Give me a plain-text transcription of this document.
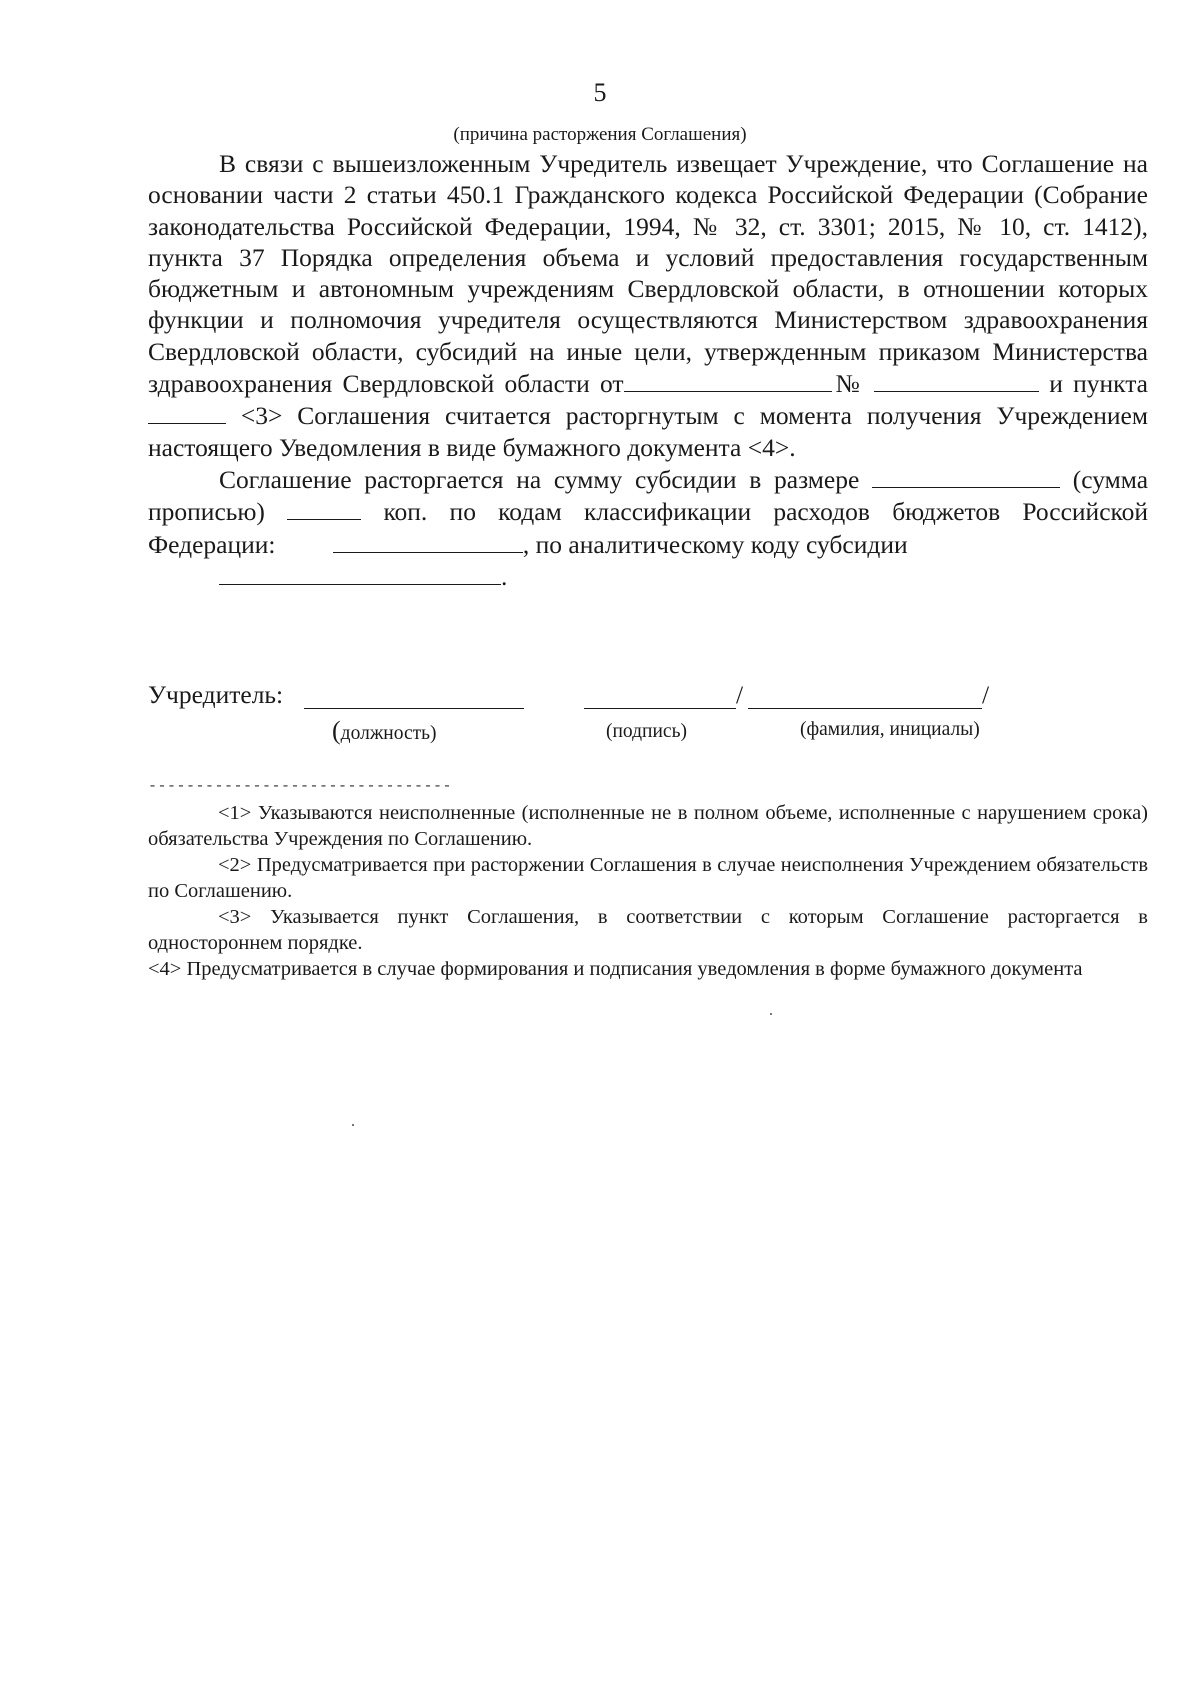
5
(причина расторжения Соглашения)

В связи с вышеизложенным Учредитель извещает Учреждение, что Соглашение на основании части 2 статьи 450.1 Гражданского кодекса Российской Федерации (Собрание законодательства Российской Федерации, 1994, № 32, ст. 3301; 2015, № 10, ст. 1412), пункта 37 Порядка определения объема и условий предоставления государственным бюджетным и автономным учреждениям Свердловской области, в отношении которых функции и полномочия учредителя осуществляются Министерством здравоохранения Свердловской области, субсидий на иные цели, утвержденным приказом Министерства здравоохранения Свердловской области от	№	и пункта  <3> Соглашения считается расторгнутым с момента получения Учреждением настоящего Уведомления в виде бумажного документа <4>.

Соглашение расторгается на сумму субсидии в размере	(сумма прописью)	коп. по кодам классификации расходов бюджетов Российской Федерации:	, по аналитическому коду субсидии

.

Учредитель:	/	/
(должность)	(подпись)	(фамилия, инициалы)
--------------------------------

<1> Указываются неисполненные (исполненные не в полном объеме, исполненные с нарушением срока) обязательства Учреждения по Соглашению.

<2> Предусматривается при расторжении Соглашения в случае неисполнения Учреждением обязательств по Соглашению.

<3> Указывается пункт Соглашения, в соответствии с которым Соглашение расторгается в одностороннем порядке.

<4> Предусматривается в случае формирования и подписания уведомления в форме бумажного документа
